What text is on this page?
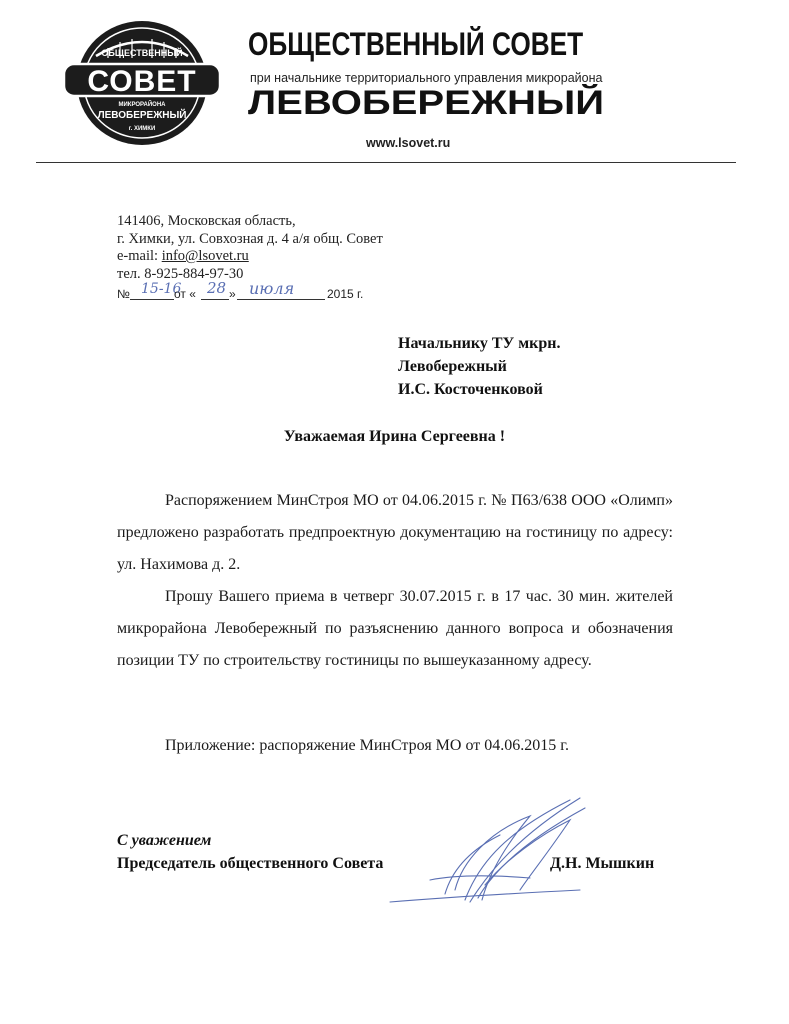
ОБЩЕСТВЕННЫЙ
СОВЕТ
МИКРОРАЙОНА
ЛЕВОБЕРЕЖНЫЙ
г. ХИМКИ
ОБЩЕСТВЕННЫЙ СОВЕТ
при начальнике территориального управления микрорайона
ЛЕВОБЕРЕЖНЫЙ
www.lsovet.ru
141406, Московская область,
г. Химки, ул. Совхозная д. 4 а/я общ. Совет
e-mail: info@lsovet.ru
тел. 8-925-884-97-30
№ 15-16
от « 28 » июля	2015 г.
Начальнику ТУ мкрн.
Левобережный
И.С. Косточенковой
Уважаемая Ирина Сергеевна !
Распоряжением МинСтроя МО от 04.06.2015 г. № П63/638 ООО «Олимп» предложено разработать предпроектную документацию на гостиницу по адресу: ул. Нахимова д. 2.
Прошу Вашего приема в четверг 30.07.2015 г. в 17 час. 30 мин. жителей микрорайона Левобережный по разъяснению данного вопроса и обозначения позиции ТУ по строительству гостиницы по вышеуказанному адресу.
Приложение: распоряжение МинСтроя МО от 04.06.2015 г.
С уважением
Председатель общественного Совета	Д.Н. Мышкин
